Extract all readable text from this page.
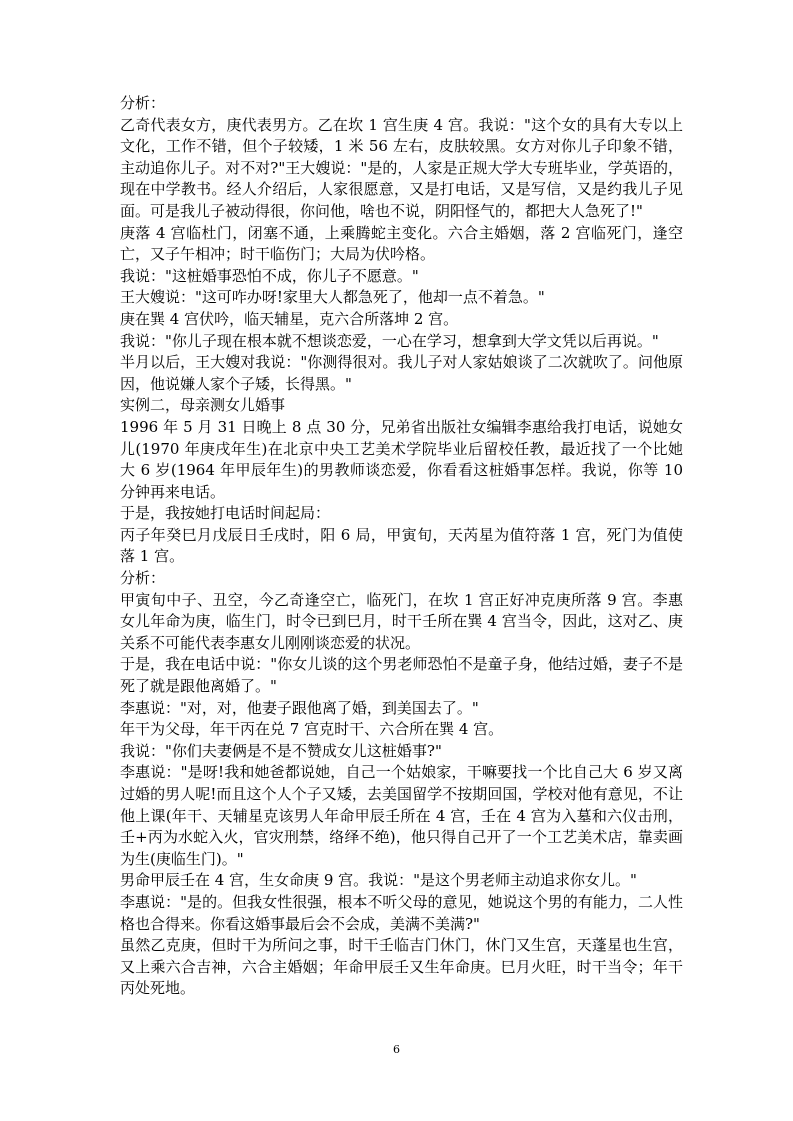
分析：

乙奇代表女方，庚代表男方。乙在坎 1 宫生庚 4 宫。我说："这个女的具有大专以上文化，工作不错，但个子较矮，1 米 56 左右，皮肤较黑。女方对你儿子印象不错，主动追你儿子。对不对?"王大嫂说："是的，人家是正规大学大专班毕业，学英语的，现在中学教书。经人介绍后，人家很愿意，又是打电话，又是写信，又是约我儿子见面。可是我儿子被动得很，你问他，啥也不说，阴阳怪气的，都把大人急死了!"

庚落 4 宫临杜门，闭塞不通，上乘腾蛇主变化。六合主婚姻，落 2 宫临死门，逢空亡，又子午相冲；时干临伤门；大局为伏吟格。

我说："这桩婚事恐怕不成，你儿子不愿意。"

王大嫂说："这可咋办呀!家里大人都急死了，他却一点不着急。"

庚在巽 4 宫伏吟，临天辅星，克六合所落坤 2 宫。

我说："你儿子现在根本就不想谈恋爱，一心在学习，想拿到大学文凭以后再说。"

半月以后，王大嫂对我说："你测得很对。我儿子对人家姑娘谈了二次就吹了。问他原因，他说嫌人家个子矮，长得黑。"

实例二，母亲测女儿婚事

1996 年 5 月 31 日晚上 8 点 30 分，兄弟省出版社女编辑李惠给我打电话，说她女儿(1970 年庚戌年生)在北京中央工艺美术学院毕业后留校任教，最近找了一个比她大 6 岁(1964 年甲辰年生)的男教师谈恋爱，你看看这桩婚事怎样。我说，你等 10 分钟再来电话。

于是，我按她打电话时间起局：

丙子年癸巳月戊辰日壬戌时，阳 6 局，甲寅旬，天芮星为值符落 1 宫，死门为值使落 1 宫。

分析：

甲寅旬中子、丑空，今乙奇逢空亡，临死门，在坎 1 宫正好冲克庚所落 9 宫。李惠女儿年命为庚，临生门，时令已到巳月，时干壬所在巽 4 宫当令，因此，这对乙、庚关系不可能代表李惠女儿刚刚谈恋爱的状况。

于是，我在电话中说："你女儿谈的这个男老师恐怕不是童子身，他结过婚，妻子不是死了就是跟他离婚了。"

李惠说："对，对，他妻子跟他离了婚，到美国去了。"

年干为父母，年干丙在兑 7 宫克时干、六合所在巽 4 宫。

我说："你们夫妻俩是不是不赞成女儿这桩婚事?"

李惠说："是呀!我和她爸都说她，自己一个姑娘家，干嘛要找一个比自己大 6 岁又离过婚的男人呢!而且这个人个子又矮，去美国留学不按期回国，学校对他有意见，不让他上课(年干、天辅星克该男人年命甲辰壬所在 4 宫，壬在 4 宫为入墓和六仪击刑，壬+丙为水蛇入火，官灾刑禁，络绎不绝)，他只得自己开了一个工艺美术店，靠卖画为生(庚临生门)。"

男命甲辰壬在 4 宫，生女命庚 9 宫。我说："是这个男老师主动追求你女儿。"

李惠说："是的。但我女性很强，根本不听父母的意见，她说这个男的有能力，二人性格也合得来。你看这婚事最后会不会成，美满不美满?"

虽然乙克庚，但时干为所问之事，时干壬临吉门休门，休门又生宫，天蓬星也生宫，又上乘六合吉神，六合主婚姻；年命甲辰壬又生年命庚。巳月火旺，时干当令；年干丙处死地。

6
